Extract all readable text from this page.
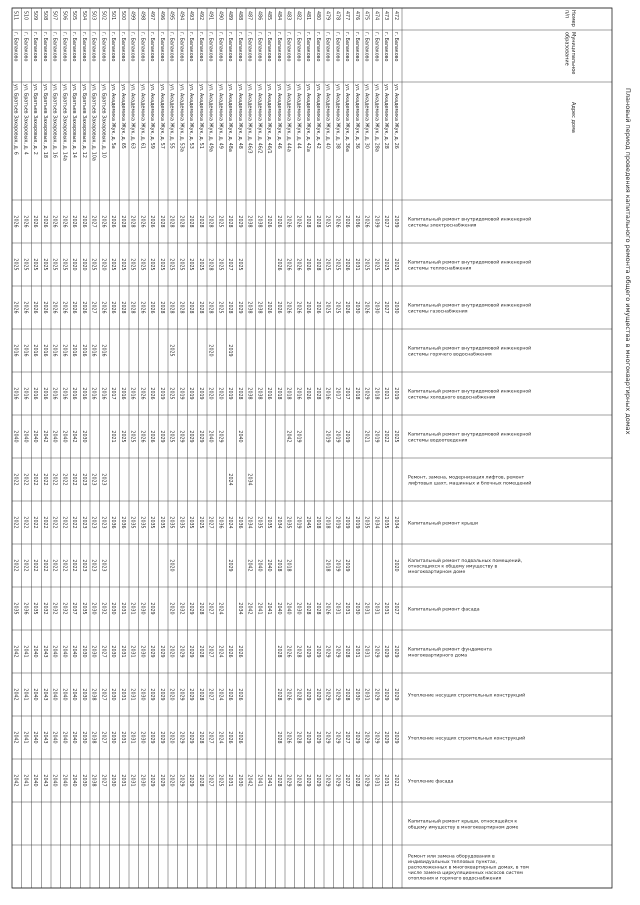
Плановый период проведения капитального ремонта общего имущества в многоквартирных домах
Номерп/п
Муниципальноеобразование
Адрес дома
Капитальный ремонт внутридомовой инженерной системы электроснабжения
Капитальный ремонт внутридомовой инженерной системы теплоснабжения
Капитальный ремонт внутридомовой инженерной системы газоснабжения
Капитальный ремонт внутридомовой инженерной системы горячего водоснабжения
Капитальный ремонт внутридомовой инженерной системы холодного водоснабжения
Капитальный ремонт внутридомовой инженерной системы водоотведения
Ремонт, замена, модернизация лифтов, ремонт лифтовых шахт, машинных и блочных помещений
Капитальный ремонт крыши
Капитальный ремонт подвальных помещений, относящихся к общему имуществу в многоквартирном доме
Капитальный ремонт фасада
Капитальный ремонт фундамента многоквартирного дома
Утепление несущих строительных конструкций
Утепление несущих строительных конструкций
Утепление фасада
Капитальный ремонт крыши, относящейся к общему имуществу в многоквартирном доме
Ремонт или замена оборудования в индивидуальных тепловых пунктах, расположенных в многоквартирных домах, в том числе замена циркуляционных насосов систем отопления и горячего водоснабжения
472
г. Балаково
ул. Академика Жук, д. 26
2039
2025
2030
2019
2025
2034
2020
2027
2029
2029
2029
2022
473
г. Балаково
ул. Академика Жук, д. 28
2027
2025
2027
2021
2022
2035
2031
2029
2029
2029
2031
474
г. Балаково
ул. Академика Жук, д. 28а
2039
2025
2030
2018
2019
2034
2031
2029
2029
2029
2031
475
г. Балаково
ул. Академика Жук, д. 30
2026
2025
2026
2029
2021
2035
2031
2031
2031
2029
2029
476
г. Балаково
ул. Академика Жук, д. 36
2036
2031
2030
2018
2019
2030
2031
2030
2029
2028
477
г. Балаково
ул. Академика Жук, д. 36а
2026
2026
2026
2017
2019
2019
2019
2031
2028
2028
2027
2027
478
г. Балаково
ул. Академика Жук, д. 38
2026
2025
2025
2017
2019
2019
2019
2031
2029
2029
2029
2029
479
г. Балаково
ул. Академика Жук, д. 40
2025
2025
2025
2016
2019
2018
2018
2026
2029
2029
2029
2029
480
г. Балаково
ул. Академика Жук, д. 42
2028
2028
2026
2028
2018
2028
2029
2029
2029
2029
481
г. Балаково
ул. Академика Жук, д. 42а
2028
2026
2026
2026
2045
2028
2029
2029
2029
2029
482
г. Балаково
ул. Академика Жук, д. 44
2026
2026
2026
2016
2019
2019
2030
2028
2028
2028
2028
483
г. Балаково
ул. Академика Жук, д. 44а
2026
2026
2026
2018
2042
2035
2018
2040
2026
2026
2026
2029
484
г. Балаково
ул. Академика Жук, д. 46
2026
2026
2026
2018
2034
2018
2040
2028
2028
2028
2028
485
г. Балаково
ул. Академика Жук, д. 46/1
2026
2026
2016
2035
2040
2041
2041
486
г. Балаково
ул. Академика Жук, д. 46/2
2038
2038
2038
2035
2040
2041
2041
487
г. Балаково
ул. Академика Жук, д. 46/3
2038
2038
2038
2034
2034
2042
2042
2042
488
г. Балаково
ул. Академика Жук, д. 48
2029
2025
2029
2028
2040
2036
2034
2026
2026
2026
2030
489
г. Балаково
ул. Академика Жук, д. 48а
2028
2027
2028
2019
2019
2024
2024
2029
2026
2026
2026
2031
490
г. Балаково
ул. Академика Жук, д. 49
2025
2025
2025
2020
2029
2036
2024
2024
2024
2024
2025
491
г. Балаково
ул. Академика Жук, д. 49а
2028
2028
2028
2020
2020
2040
2027
2027
2027
2027
2027
2027
492
г. Балаково
ул. Академика Жук, д. 51
2028
2025
2028
2019
2029
2025
2028
2028
2028
2028
2028
493
г. Балаково
ул. Академика Жук, д. 53
2028
2025
2028
2019
2029
2035
2029
2029
2029
2029
2029
494
г. Балаково
ул. Академика Жук, д. 53а
2028
2025
2028
2019
2029
2035
2032
2029
2029
2029
2029
495
г. Балаково
ул. Академика Жук, д. 55
2028
2025
2028
2025
2025
2025
2035
2020
2020
2020
2020
2020
2020
496
г. Балаково
ул. Академика Жук, д. 57
2028
2025
2028
2019
2029
2035
2029
2029
2029
2029
497
г. Балаково
ул. Академика Жук, д. 59
2026
2025
2026
2026
2026
2035
2029
2029
2029
2029
2029
498
г. Балаково
ул. Академика Жук, д. 61
2026
2025
2026
2026
2026
2035
2030
2030
2030
2030
2030
499
г. Балаково
ул. Академика Жук, д. 63
2028
2025
2028
2016
2025
2035
2031
2031
2031
2031
2031
500
г. Балаково
ул. Академика Жук, д. 65
2028
2025
2028
2016
2025
2036
2031
2031
2031
2031
2031
501
г. Балаково
ул. Академика Жук, д. 5а
2026
2025
2026
2017
2021
2036
2030
2030
2030
2030
2030
502
г. Балаково
ул. Братьев Захаровых, д. 10
2026
2020
2026
2016
2016
2023
2023
2023
2032
2027
2027
2027
2027
503
г. Балаково
ул. Братьев Захаровых, д. 10а
2027
2025
2027
2016
2016
2023
2023
2023
2030
2030
2038
2038
2038
504
г. Балаково
ул. Братьев Захаровых, д. 12
2026
2020
2026
2016
2016
2030
2023
2023
2023
2035
2030
2030
2030
2030
505
г. Балаково
ул. Братьев Захаровых, д. 14
2026
2020
2026
2016
2016
2042
2022
2022
2022
2037
2040
2040
2040
2040
506
г. Балаково
ул. Братьев Захаровых, д. 14а
2026
2025
2026
2016
2016
2040
2022
2022
2022
2032
2040
2040
2040
2040
507
г. Балаково
ул. Братьев Захаровых, д. 16
2026
2025
2026
2016
2016
2040
2022
2022
2022
2032
2040
2040
2040
2040
508
г. Балаково
ул. Братьев Захаровых, д. 18
2026
2025
2026
2016
2016
2042
2022
2022
2022
2032
2043
2043
2043
2043
509
г. Балаково
ул. Братьев Захаровых, д. 2
2026
2025
2026
2016
2016
2040
2022
2022
2022
2035
2040
2040
2040
2040
510
г. Балаково
ул. Братьев Захаровых, д. 4
2026
2025
2026
2016
2016
2040
2022
2022
2022
2036
2041
2041
2041
2041
511
г. Балаково
ул. Братьев Захаровых, д. 6
2026
2025
2026
2016
2016
2040
2022
2022
2022
2035
2042
2042
2042
2042
